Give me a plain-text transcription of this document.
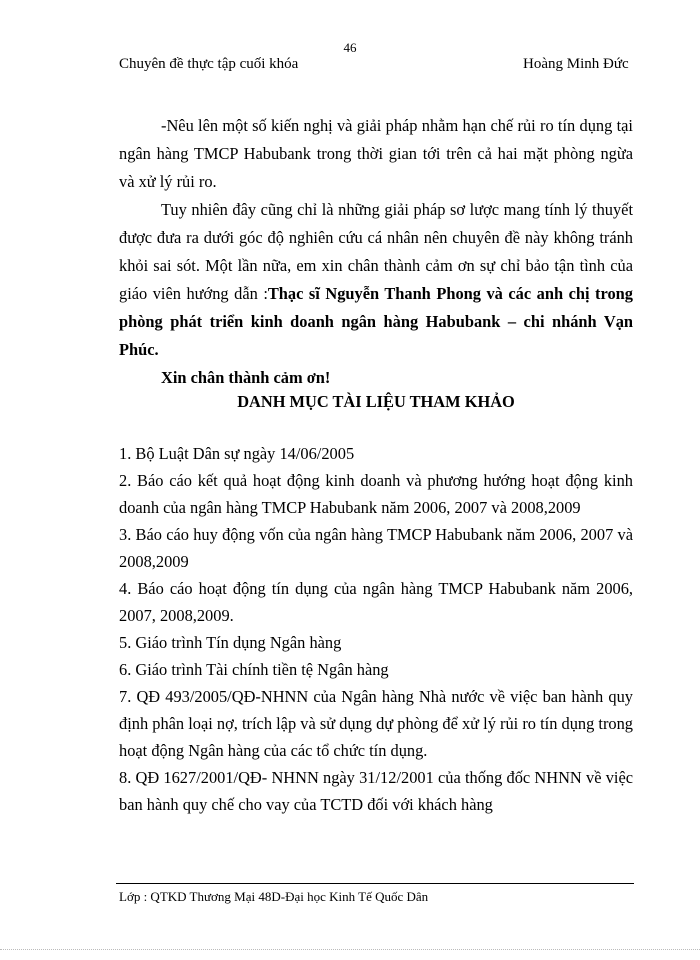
46
Chuyên đề thực tập cuối khóa	Hoàng Minh Đức
-Nêu lên một số kiến nghị và giải pháp nhằm hạn chế rủi ro tín dụng tại
ngân hàng TMCP Habubank trong thời gian tới trên cả hai mặt phòng ngừa
và xử lý rủi ro.
Tuy nhiên đây cũng chỉ là những giải pháp sơ lược mang tính lý thuyết
được đưa ra dưới góc độ nghiên cứu cá nhân nên chuyên đề này không tránh
khỏi sai sót. Một lần nữa, em xin chân thành cảm ơn sự chỉ bảo tận tình của
giáo viên hướng dẫn :Thạc sĩ Nguyễn Thanh Phong và các anh chị trong
phòng phát triển kinh doanh ngân hàng Habubank – chi nhánh Vạn
Phúc.
Xin chân thành cảm ơn!
DANH MỤC TÀI LIỆU THAM KHẢO
1. Bộ Luật Dân sự ngày 14/06/2005
2. Báo cáo kết quả hoạt động kinh doanh và phương hướng hoạt động kinh
doanh của ngân hàng TMCP Habubank năm 2006, 2007 và 2008,2009
3. Báo cáo huy động vốn của ngân hàng TMCP Habubank năm 2006, 2007 và
2008,2009
4. Báo cáo hoạt động tín dụng của ngân hàng TMCP Habubank năm 2006,
2007, 2008,2009.
5. Giáo trình Tín dụng Ngân hàng
6. Giáo trình Tài chính tiền tệ Ngân hàng
7. QĐ 493/2005/QĐ-NHNN của Ngân hàng Nhà nước về việc ban hành quy
định phân loại nợ, trích lập và sử dụng dự phòng để xử lý rủi ro tín dụng trong
hoạt động Ngân hàng của các tổ chức tín dụng.
8. QĐ 1627/2001/QĐ- NHNN ngày 31/12/2001 của thống đốc NHNN về việc
ban hành quy chế cho vay của TCTD đối với khách hàng
Lớp : QTKD Thương Mại 48D-Đại học Kinh Tế Quốc Dân
